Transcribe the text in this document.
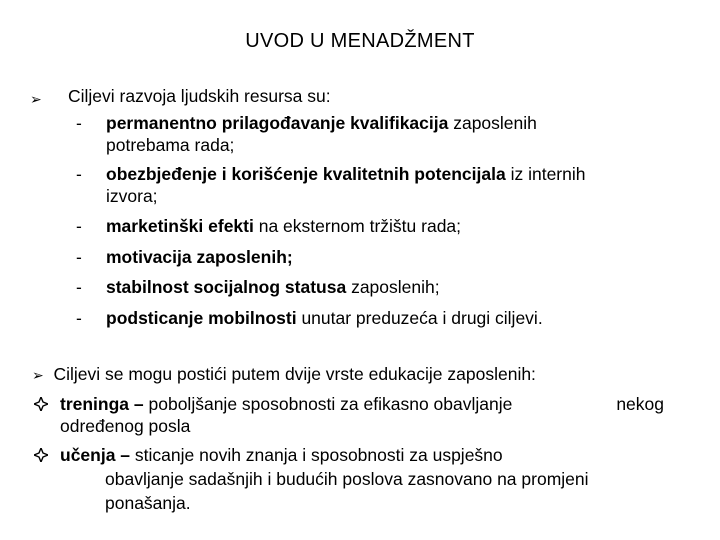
UVOD U MENADŽMENT
➢ Ciljevi razvoja ljudskih resursa su:
- permanentno prilagođavanje kvalifikacija zaposlenih
potrebama rada;
- obezbjeđenje i korišćenje kvalitetnih potencijala iz internih
izvora;
- marketinški efekti na eksternom tržištu rada;
- motivacija zaposlenih;
- stabilnost socijalnog statusa zaposlenih;
- podsticanje mobilnosti unutar preduzeća i drugi ciljevi.
➢ Ciljevi se mogu postići putem dvije vrste edukacije zaposlenih:
treninga – poboljšanje sposobnosti za efikasno obavljanje	nekog
određenog posla
učenja – sticanje novih znanja i sposobnosti za uspješno
obavljanje sadašnjih i budućih poslova zasnovano na promjeni
ponašanja.
